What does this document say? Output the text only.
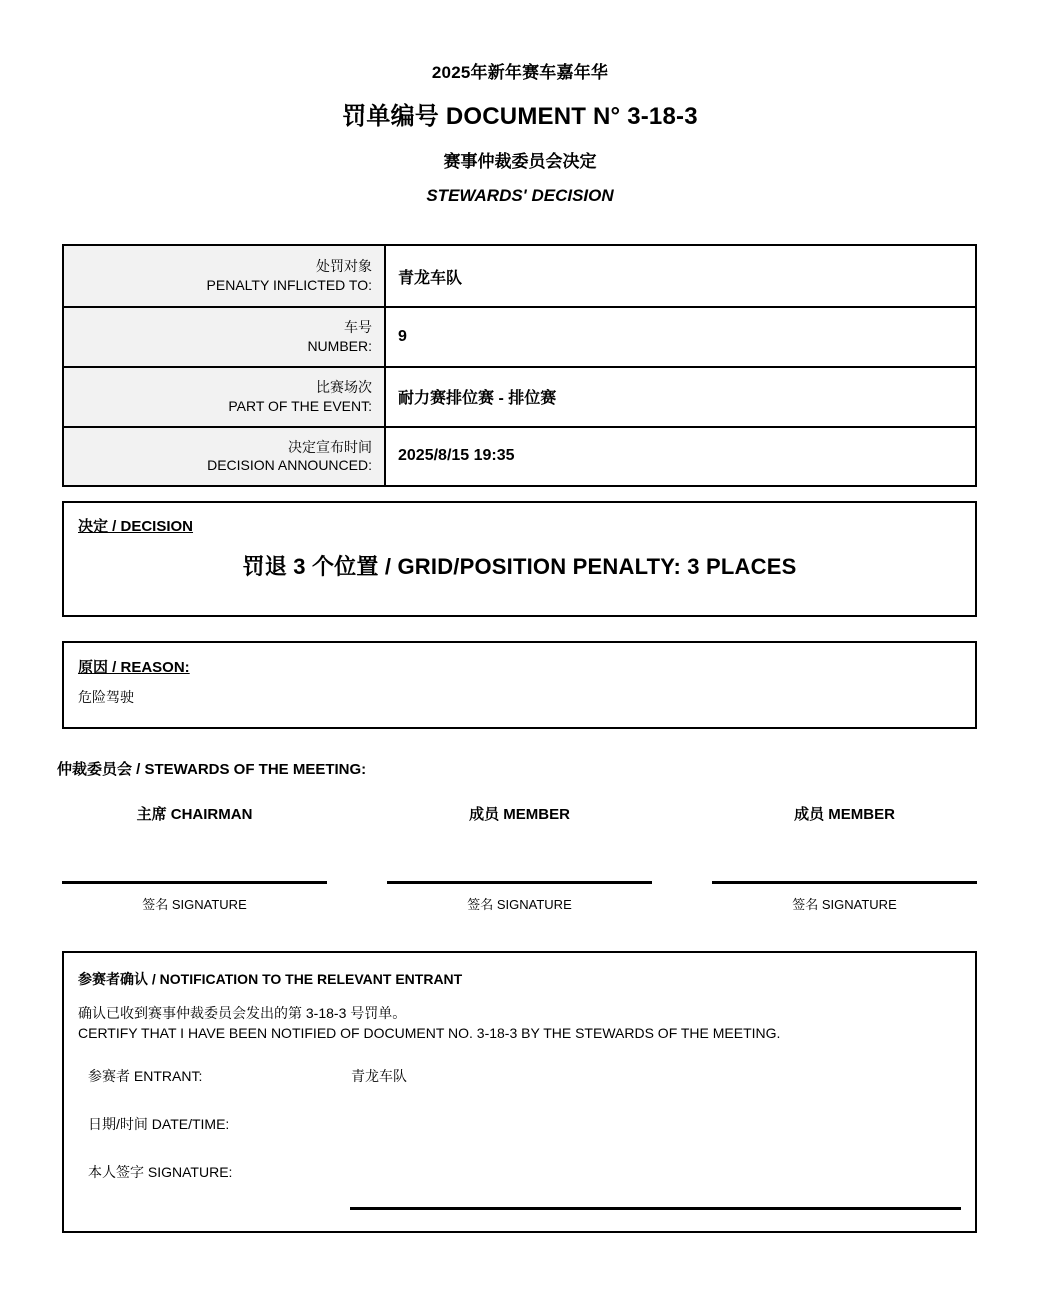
2025年新年赛车嘉年华
罚单编号 DOCUMENT N° 3-18-3
赛事仲裁委员会决定
STEWARDS' DECISION
处罚对象
PENALTY INFLICTED TO:	青龙车队

车号
NUMBER:	9

比赛场次
PART OF THE EVENT:	耐力赛排位赛 - 排位赛

决定宣布时间
DECISION ANNOUNCED:	2025/8/15 19:35
决定 / DECISION
罚退 3 个位置 / GRID/POSITION PENALTY: 3 PLACES
原因 / REASON:
危险驾驶
仲裁委员会 / STEWARDS OF THE MEETING:
主席 CHAIRMAN
签名 SIGNATURE
成员 MEMBER
签名 SIGNATURE
成员 MEMBER
签名 SIGNATURE
参赛者确认 / NOTIFICATION TO THE RELEVANT ENTRANT
确认已收到赛事仲裁委员会发出的第 3-18-3 号罚单。
CERTIFY THAT I HAVE BEEN NOTIFIED OF DOCUMENT NO. 3-18-3 BY THE STEWARDS OF THE MEETING.
参赛者 ENTRANT:	青龙车队
日期/时间 DATE/TIME:
本人签字 SIGNATURE:
